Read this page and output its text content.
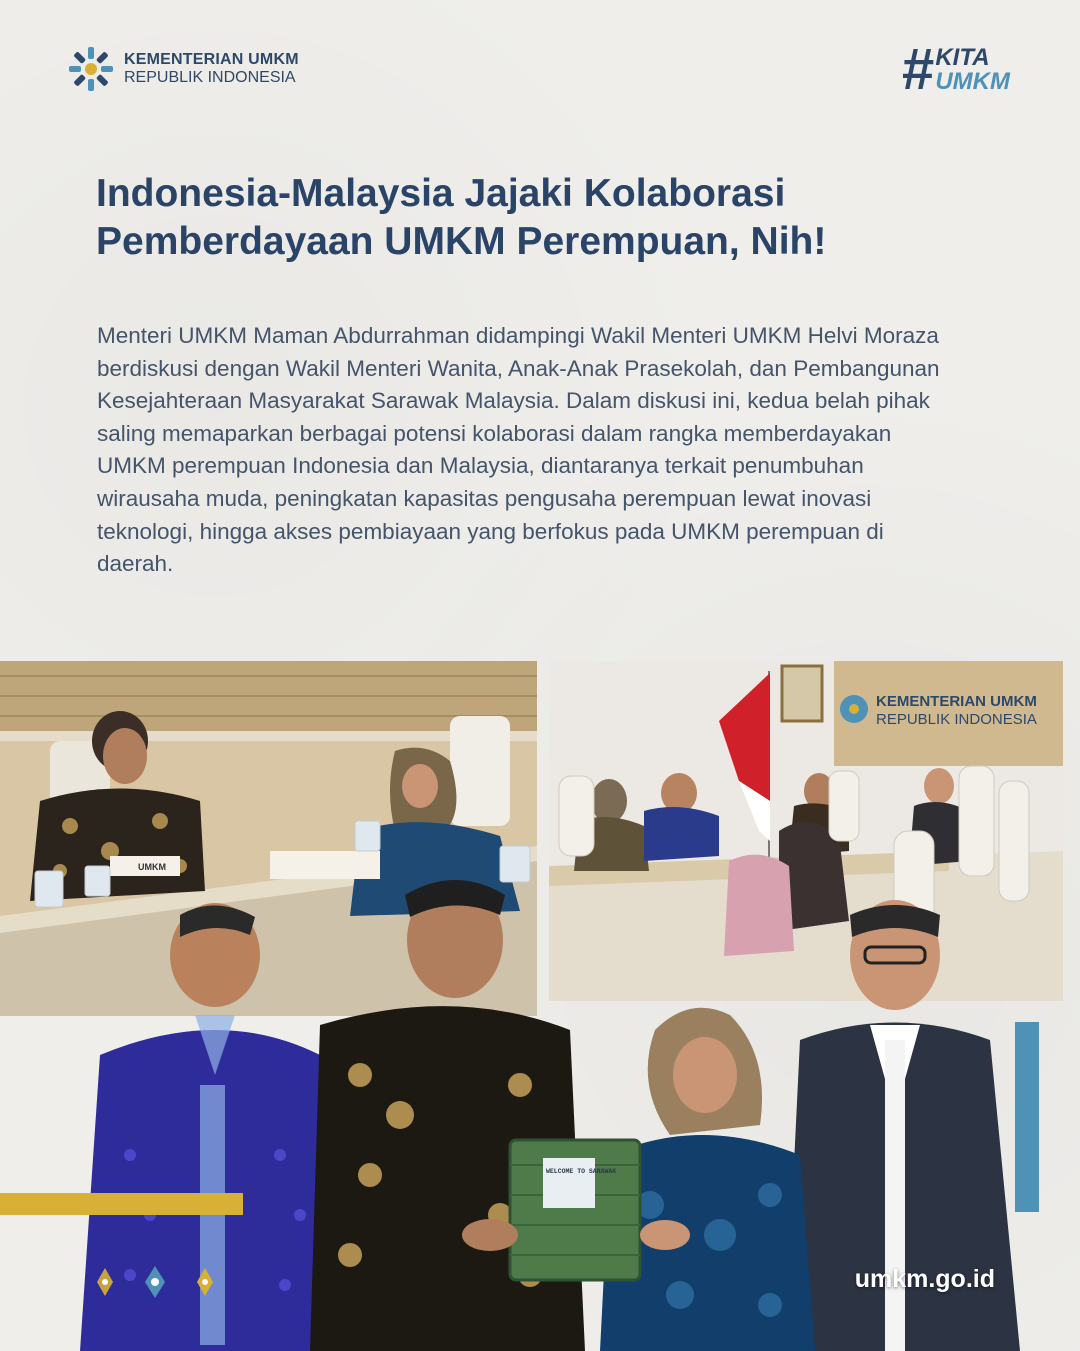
KEMENTERIAN UMKM
REPUBLIK INDONESIA	# KITA
UMKM
Indonesia-Malaysia Jajaki Kolaborasi Pemberdayaan UMKM Perempuan, Nih!
Menteri UMKM Maman Abdurrahman didampingi Wakil Menteri UMKM Helvi Moraza berdiskusi dengan Wakil Menteri Wanita, Anak-Anak Prasekolah, dan Pembangunan Kesejahteraan Masyarakat Sarawak Malaysia. Dalam diskusi ini, kedua belah pihak saling memaparkan berbagai potensi kolaborasi dalam rangka memberdayakan UMKM perempuan Indonesia dan Malaysia, diantaranya terkait penumbuhan wirausaha muda, peningkatan kapasitas pengusaha perempuan lewat inovasi teknologi, hingga akses pembiayaan yang berfokus pada UMKM perempuan di daerah.
UMKM
KEMENTERIAN UMKM
REPUBLIK INDONESIA
WELCOME TO SARAWAK
umkm.go.id
